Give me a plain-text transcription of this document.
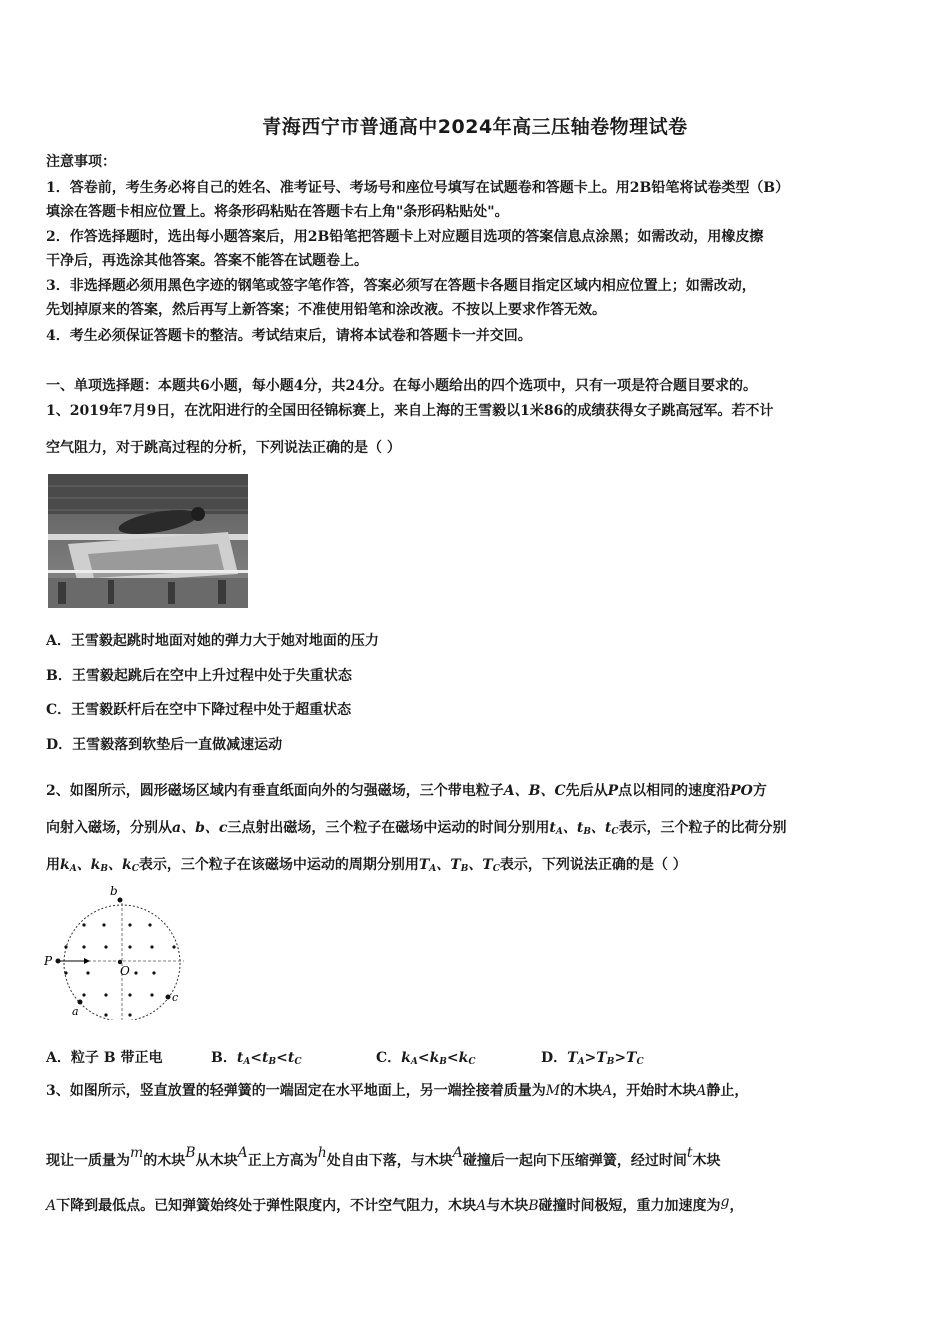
青海西宁市普通高中2024年高三压轴卷物理试卷
注意事项：
1．答卷前，考生务必将自己的姓名、准考证号、考场号和座位号填写在试题卷和答题卡上。用2B铅笔将试卷类型（B）
填涂在答题卡相应位置上。将条形码粘贴在答题卡右上角"条形码粘贴处"。
2．作答选择题时，选出每小题答案后，用2B铅笔把答题卡上对应题目选项的答案信息点涂黑；如需改动，用橡皮擦
干净后，再选涂其他答案。答案不能答在试题卷上。
3．非选择题必须用黑色字迹的钢笔或签字笔作答，答案必须写在答题卡各题目指定区域内相应位置上；如需改动，
先划掉原来的答案，然后再写上新答案；不准使用铅笔和涂改液。不按以上要求作答无效。
4．考生必须保证答题卡的整洁。考试结束后，请将本试卷和答题卡一并交回。
一、单项选择题：本题共6小题，每小题4分，共24分。在每小题给出的四个选项中，只有一项是符合题目要求的。
1、2019年7月9日，在沈阳进行的全国田径锦标赛上，来自上海的王雪毅以1米86的成绩获得女子跳高冠军。若不计
空气阻力，对于跳高过程的分析，下列说法正确的是（ ）
A．王雪毅起跳时地面对她的弹力大于她对地面的压力
B．王雪毅起跳后在空中上升过程中处于失重状态
C．王雪毅跃杆后在空中下降过程中处于超重状态
D．王雪毅落到软垫后一直做减速运动
2、如图所示，圆形磁场区域内有垂直纸面向外的匀强磁场，三个带电粒子A、B、C先后从P点以相同的速度沿PO方
向射入磁场，分别从a、b、c三点射出磁场，三个粒子在磁场中运动的时间分别用$t_A$、$t_B$、$t_C$表示，三个粒子的比荷分别
用$k_A$、$k_B$、$k_C$表示，三个粒子在该磁场中运动的周期分别用$T_A$、$T_B$、$T_C$表示，下列说法正确的是（ ）
b
P
O
c
a
A．粒子 B 带正电	B．$t_A<t_B<t_C$	C．$k_A<k_B<k_C$	D．$T_A>T_B>T_C$
3、如图所示，竖直放置的轻弹簧的一端固定在水平地面上，另一端拴接着质量为M的木块A，开始时木块A静止，
现让一质量为m的木块B从木块A正上方高为h处自由下落，与木块A碰撞后一起向下压缩弹簧，经过时间t木块
A下降到最低点。已知弹簧始终处于弹性限度内，不计空气阻力，木块A与木块B碰撞时间极短，重力加速度为g，
